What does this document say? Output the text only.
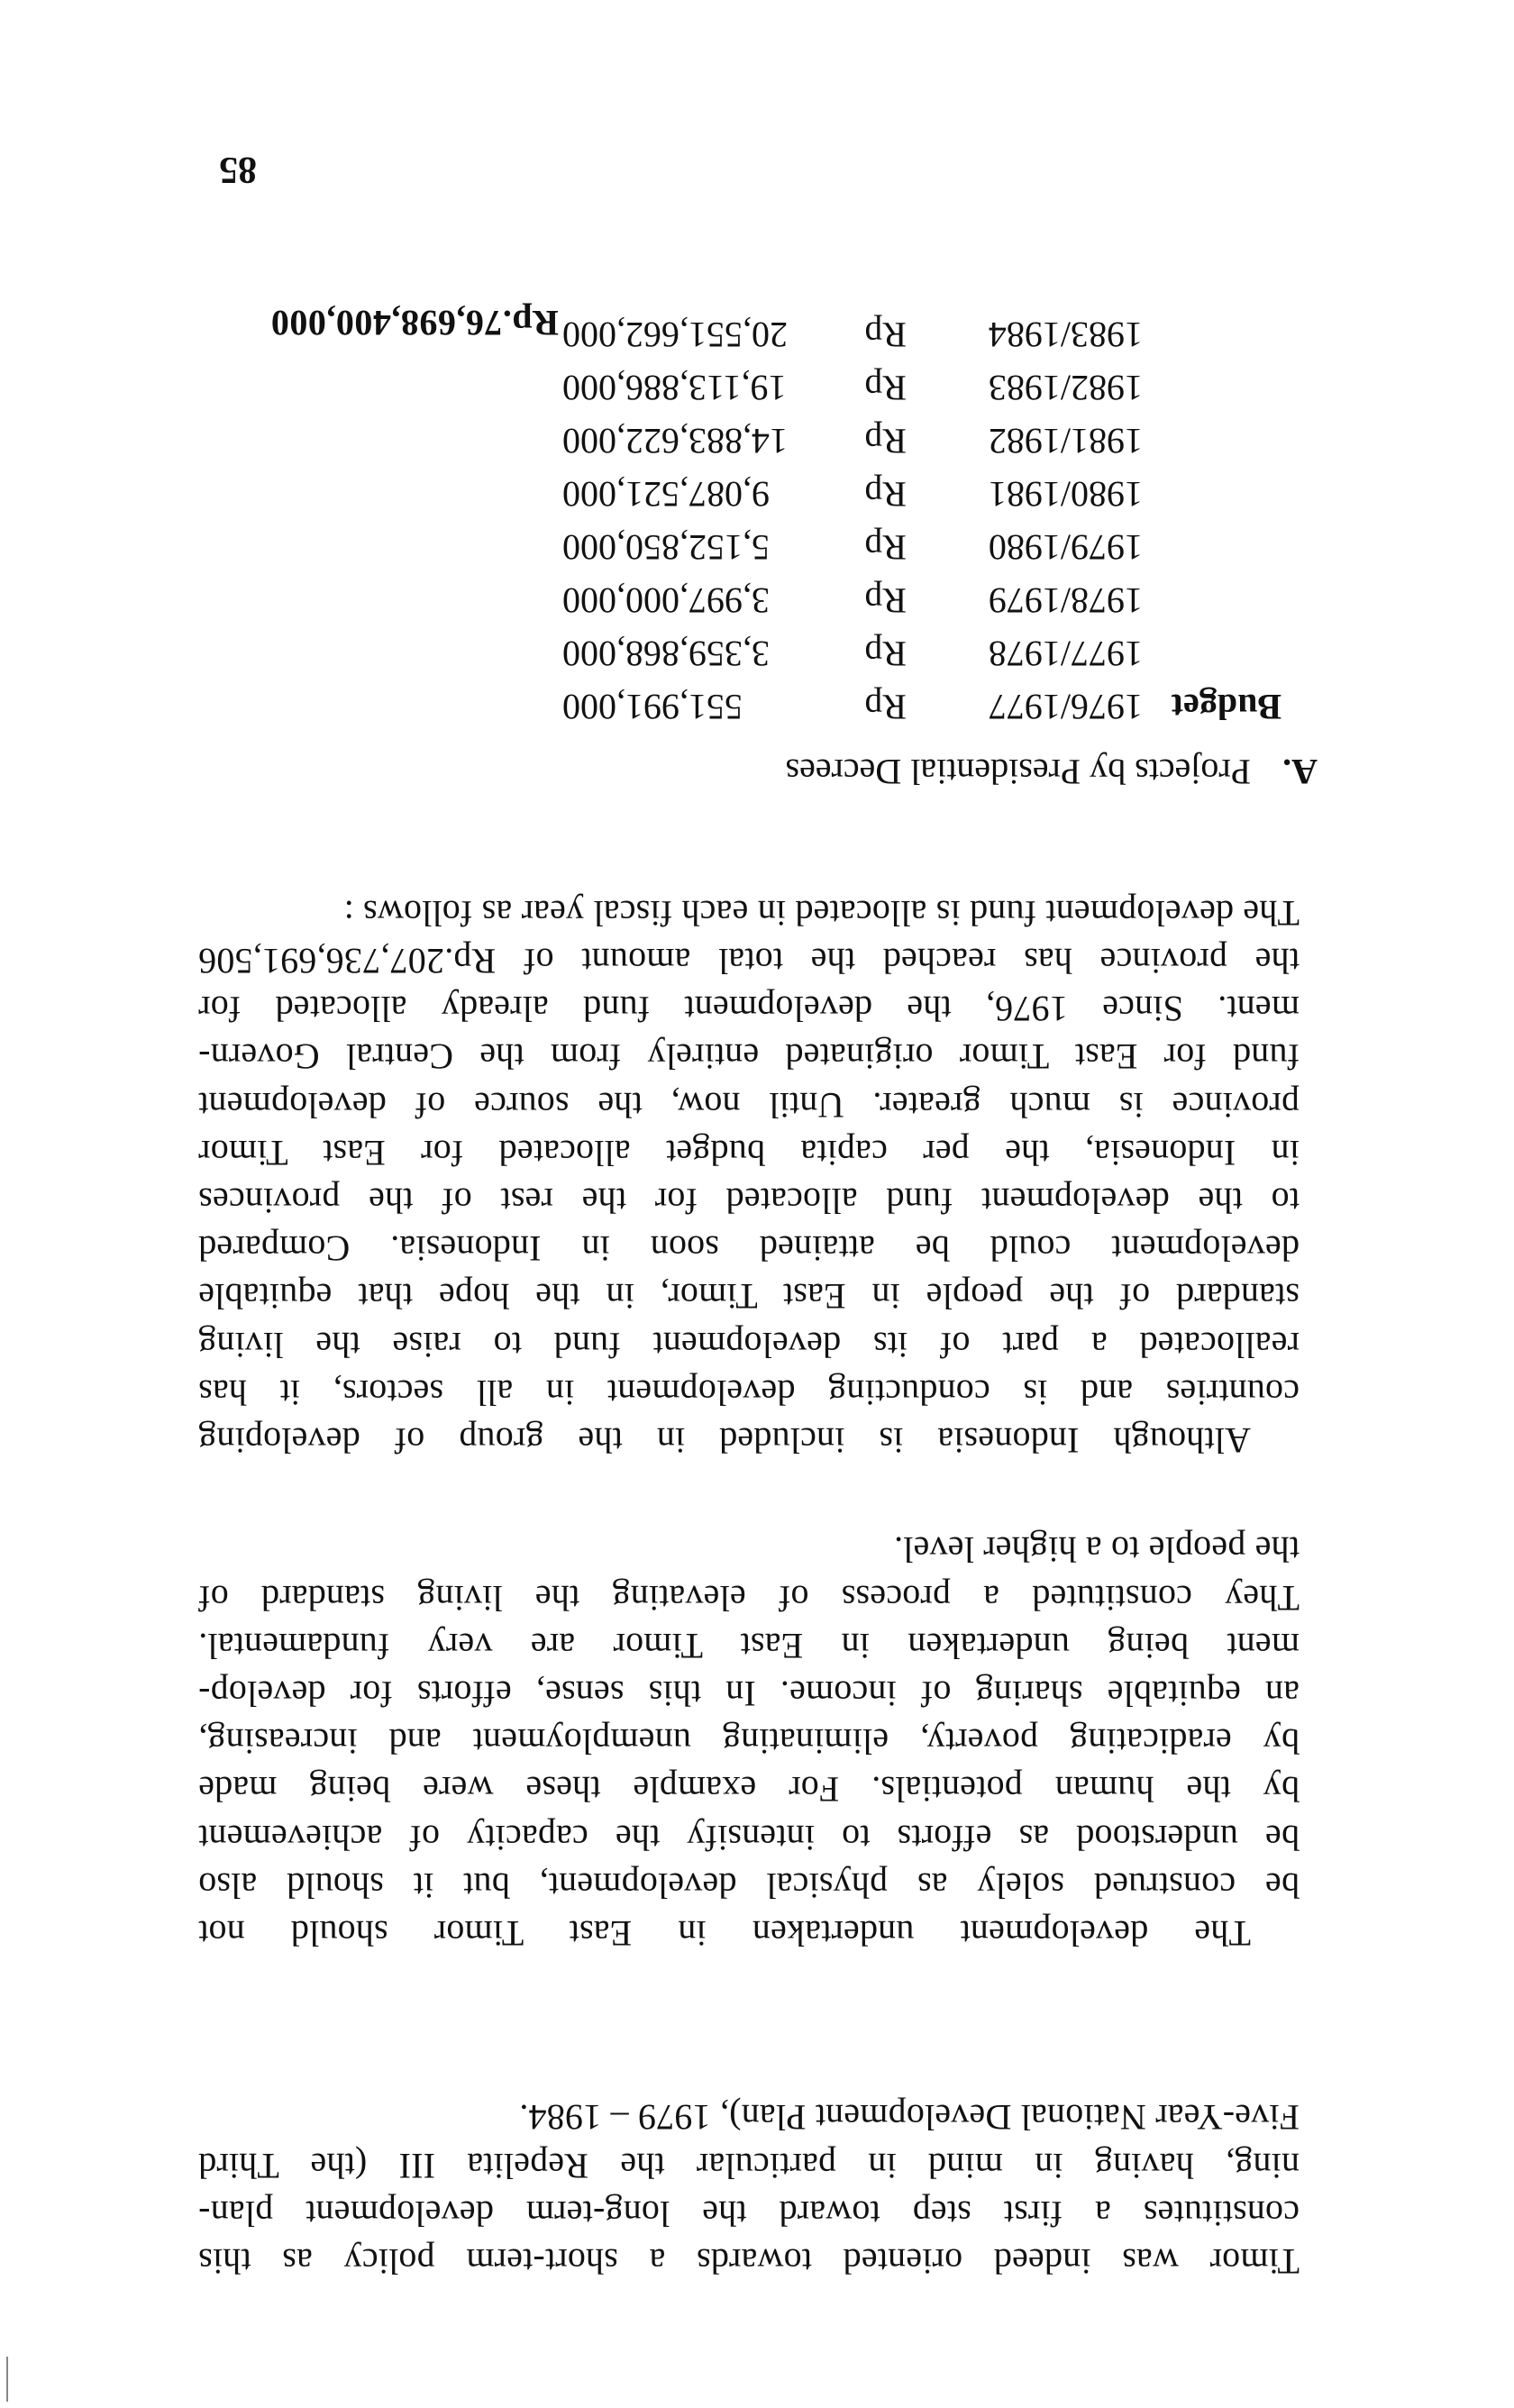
Timor was indeed oriented towards a short-term policy as this
constitutes a first step toward the long-term development plan-
ning, having in mind in particular the Repelita III (the Third
Five-Year National Development Plan), 1979 – 1984.

The development undertaken in East Timor should not
be construed solely as physical development, but it should also
be understood as efforts to intensify the capacity of achievement
by the human potentials. For example these were being made
by eradicating poverty, eliminating unemployment and increasing,
an equitable sharing of income. In this sense, efforts for develop-
ment being undertaken in East Timor are very fundamental.
They constituted a process of elevating the living standard of
the people to a higher level.

Although Indonesia is included in the group of developing
countries and is conducting development in all sectors, it has
reallocated a part of its development fund to raise the living
standard of the people in East Timor, in the hope that equitable
development could be attained soon in Indonesia. Compared
to the development fund allocated for the rest of the provinces
in Indonesia, the per capita budget allocated for East Timor
province is much greater. Until now, the source of development
fund for East Timor originated entirely from the Central Govern-
ment. Since 1976, the development fund already allocated for
the province has reached the total amount of Rp.207,736,691,506
The development fund is allocated in each fiscal year as follows :

A.Projects by Presidential Decrees
Budget	1976/1977	Rp	551,991,000
	1977/1978	Rp	3,359,868,000
	1978/1979	Rp	3,997,000,000
	1979/1980	Rp	5,152,850,000
	1980/1981	Rp	9,087,521,000
	1981/1982	Rp	14,883,622,000
	1982/1983	Rp	19,113,886,000
	1983/1984	Rp	20,551,662,000
Rp.76,698,400,000
85
